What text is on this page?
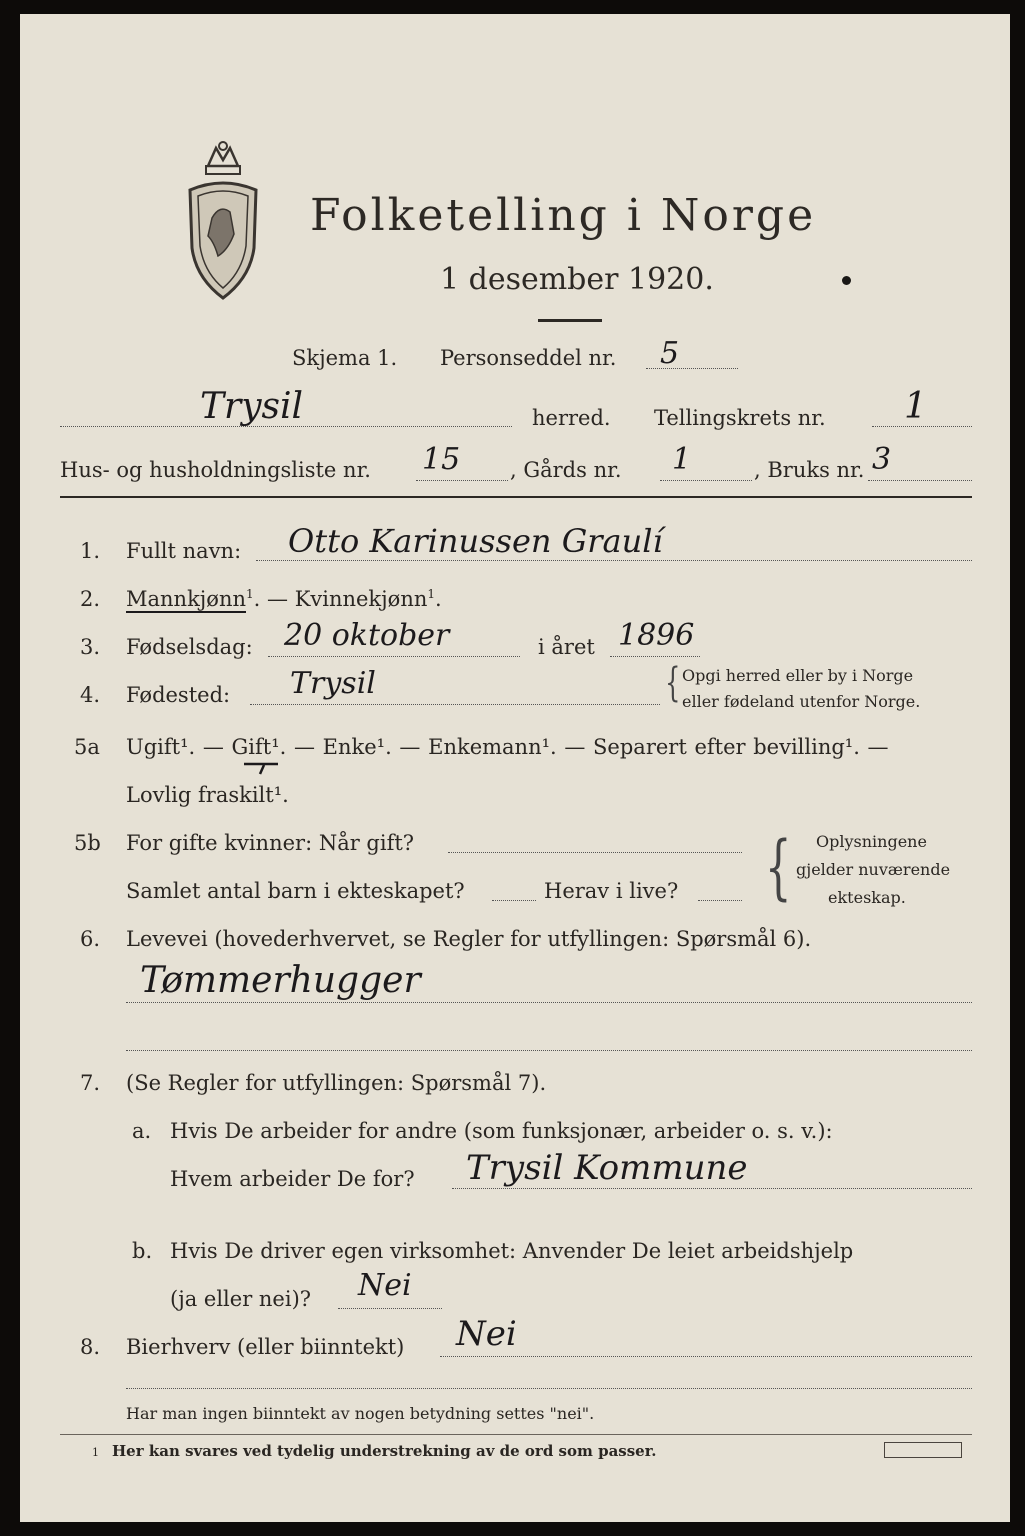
Folketelling i Norge
1 desember 1920.
Skjema 1. Personseddel nr. 5
Trysil	herred. Tellingskrets nr. 1
Hus- og husholdningsliste nr. 15 , Gårds nr. 1	, Bruks nr. 3
1. Fullt navn: Otto Karinussen Graulí
2. Mannkjønn$^1$. — Kvinnekjønn$^1$.
3. Fødselsdag: 20 oktober	i året 1896
4. Fødested: Trysil	{ Opgi herred eller by i Norge
eller fødeland utenfor Norge.
5a Ugift¹. — Gift¹. — Enke¹. — Enkemann¹. — Separert efter bevilling¹. —
Lovlig fraskilt¹.
5b For gifte kvinner: Når gift?
Samlet antal barn i ekteskapet?	Herav i live? { Oplysningene
gjelder nuværende
ekteskap.
6. Levevei (hovederhvervet, se Regler for utfyllingen: Spørsmål 6).
Tømmerhugger
7. (Se Regler for utfyllingen: Spørsmål 7).
a. Hvis De arbeider for andre (som funksjonær, arbeider o. s. v.):
Hvem arbeider De for? Trysil Kommune
b. Hvis De driver egen virksomhet: Anvender De leiet arbeidshjelp
(ja eller nei)? Nei
8. Bierhverv (eller biinntekt) Nei
Har man ingen biinntekt av nogen betydning settes "nei".
1 Her kan svares ved tydelig understrekning av de ord som passer.
